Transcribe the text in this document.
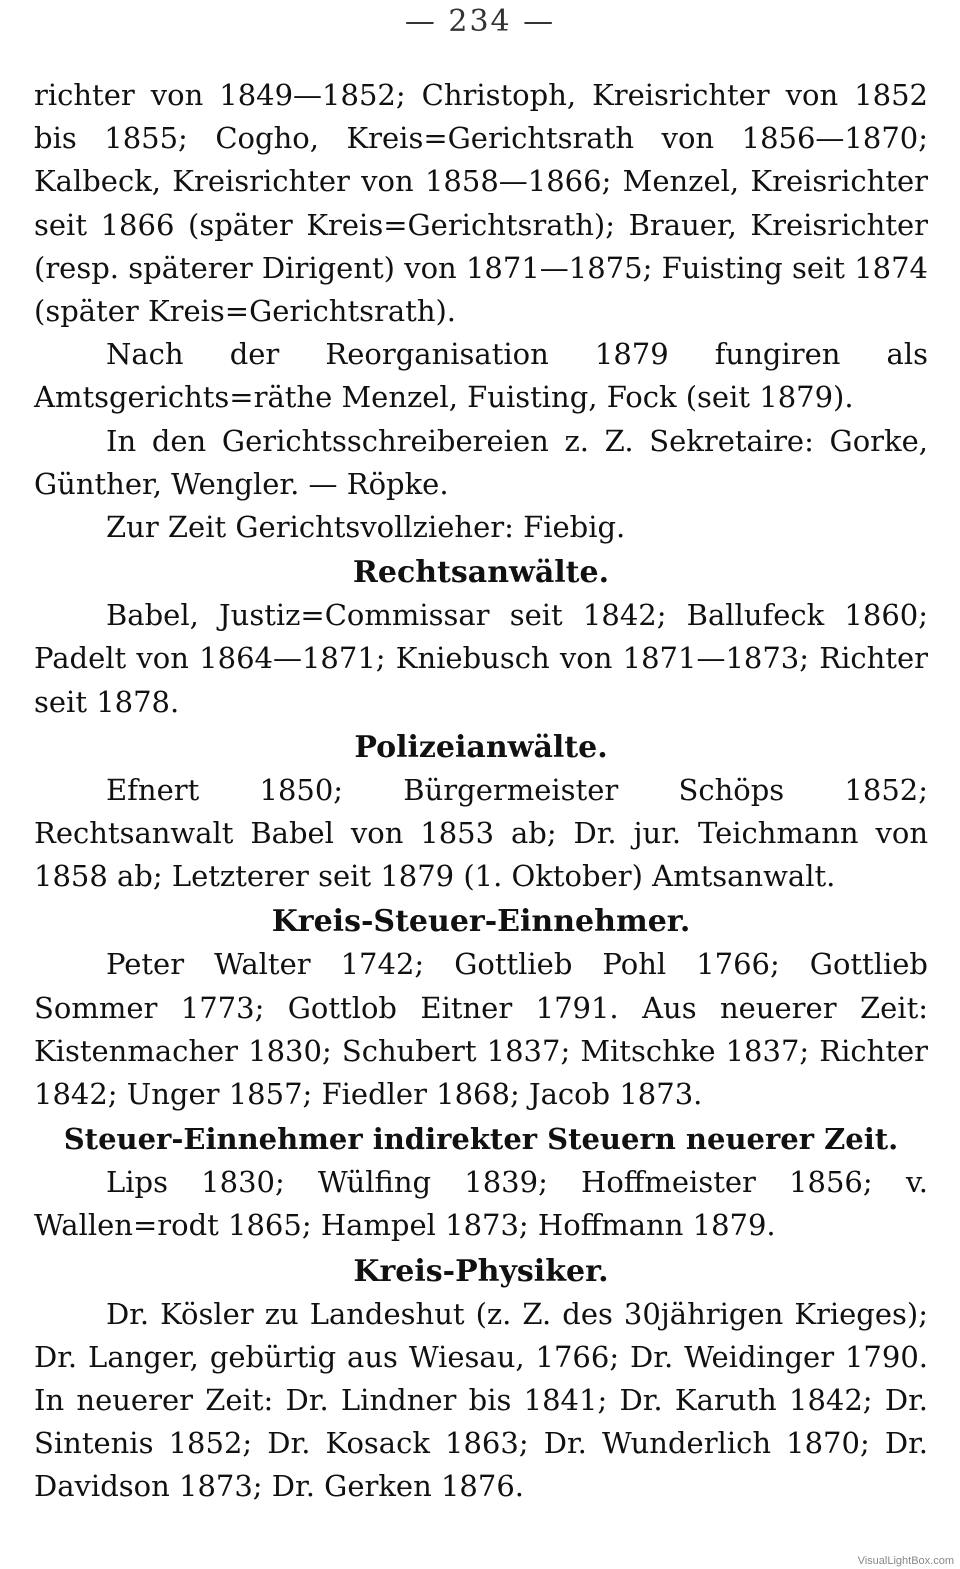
— 234 —

richter von 1849—1852; Christoph, Kreisrichter von 1852 bis 1855; Cogho, Kreis=Gerichtsrath von 1856—1870; Kalbeck, Kreisrichter von 1858—1866; Menzel, Kreisrichter seit 1866 (später Kreis=Gerichtsrath); Brauer, Kreisrichter (resp. späterer Dirigent) von 1871—1875; Fuisting seit 1874 (später Kreis=Gerichtsrath).

Nach der Reorganisation 1879 fungiren als Amtsgerichts=räthe Menzel, Fuisting, Fock (seit 1879).

In den Gerichtsschreibereien z. Z. Sekretaire: Gorke, Günther, Wengler. — Röpke.

Zur Zeit Gerichtsvollzieher: Fiebig.

Rechtsanwälte.

Babel, Justiz=Commissar seit 1842; Ballufeck 1860; Padelt von 1864—1871; Kniebusch von 1871—1873; Richter seit 1878.

Polizeianwälte.

Efnert 1850; Bürgermeister Schöps 1852; Rechtsanwalt Babel von 1853 ab; Dr. jur. Teichmann von 1858 ab; Letzterer seit 1879 (1. Oktober) Amtsanwalt.

Kreis-Steuer-Einnehmer.

Peter Walter 1742; Gottlieb Pohl 1766; Gottlieb Sommer 1773; Gottlob Eitner 1791. Aus neuerer Zeit: Kistenmacher 1830; Schubert 1837; Mitschke 1837; Richter 1842; Unger 1857; Fiedler 1868; Jacob 1873.

Steuer-Einnehmer indirekter Steuern neuerer Zeit.

Lips 1830; Wülfing 1839; Hoffmeister 1856; v. Wallen=rodt 1865; Hampel 1873; Hoffmann 1879.

Kreis-Physiker.

Dr. Kösler zu Landeshut (z. Z. des 30jährigen Krieges); Dr. Langer, gebürtig aus Wiesau, 1766; Dr. Weidinger 1790. In neuerer Zeit: Dr. Lindner bis 1841; Dr. Karuth 1842; Dr. Sintenis 1852; Dr. Kosack 1863; Dr. Wunderlich 1870; Dr. Davidson 1873; Dr. Gerken 1876.

VisualLightBox.com
